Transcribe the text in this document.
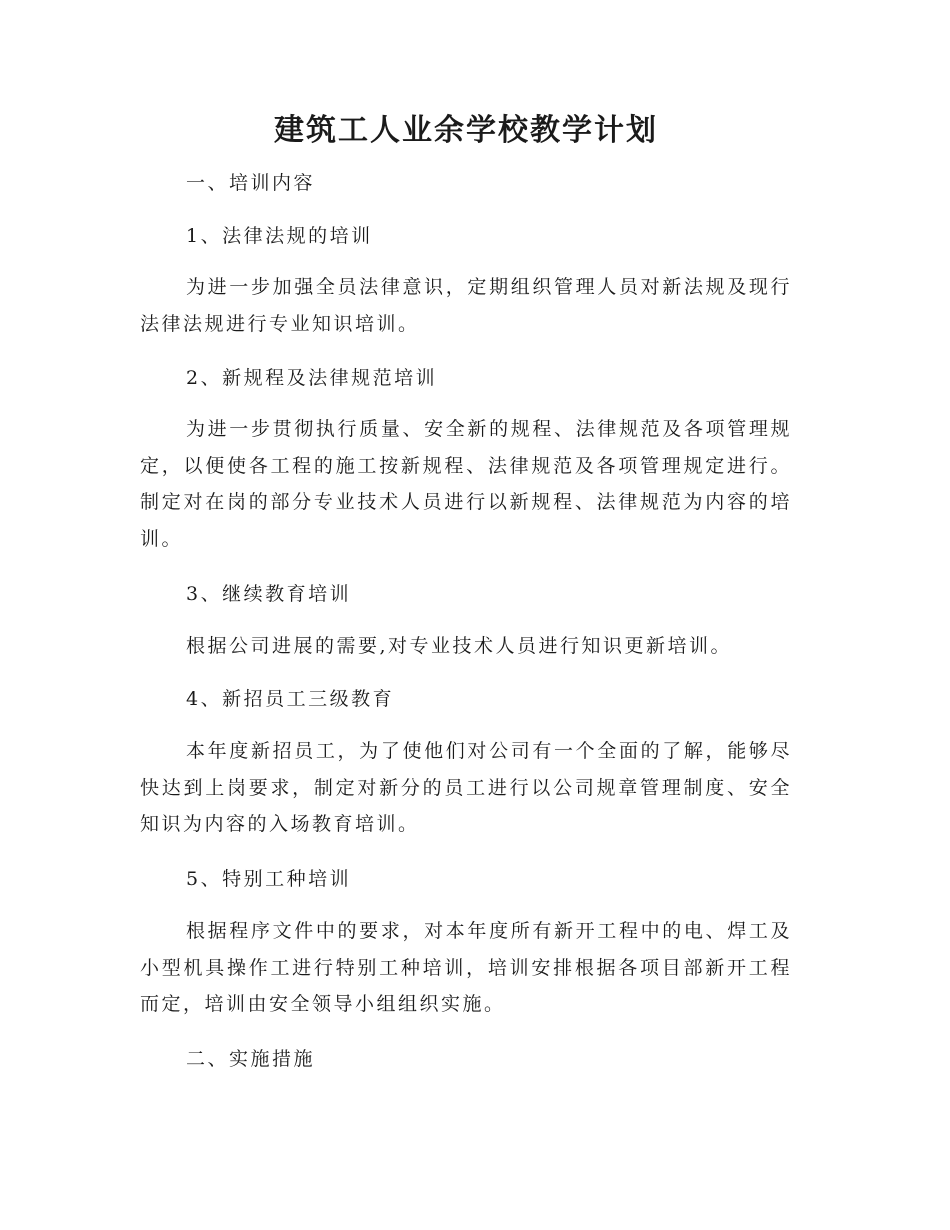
建筑工人业余学校教学计划

一、培训内容

1、法律法规的培训

为进一步加强全员法律意识，定期组织管理人员对新法规及现行法律法规进行专业知识培训。

2、新规程及法律规范培训

为进一步贯彻执行质量、安全新的规程、法律规范及各项管理规定，以便使各工程的施工按新规程、法律规范及各项管理规定进行。制定对在岗的部分专业技术人员进行以新规程、法律规范为内容的培训。

3、继续教育培训

根据公司进展的需要,对专业技术人员进行知识更新培训。

4、新招员工三级教育

本年度新招员工，为了使他们对公司有一个全面的了解，能够尽快达到上岗要求，制定对新分的员工进行以公司规章管理制度、安全知识为内容的入场教育培训。

5、特别工种培训

根据程序文件中的要求，对本年度所有新开工程中的电、焊工及小型机具操作工进行特别工种培训，培训安排根据各项目部新开工程而定，培训由安全领导小组组织实施。

二、实施措施
